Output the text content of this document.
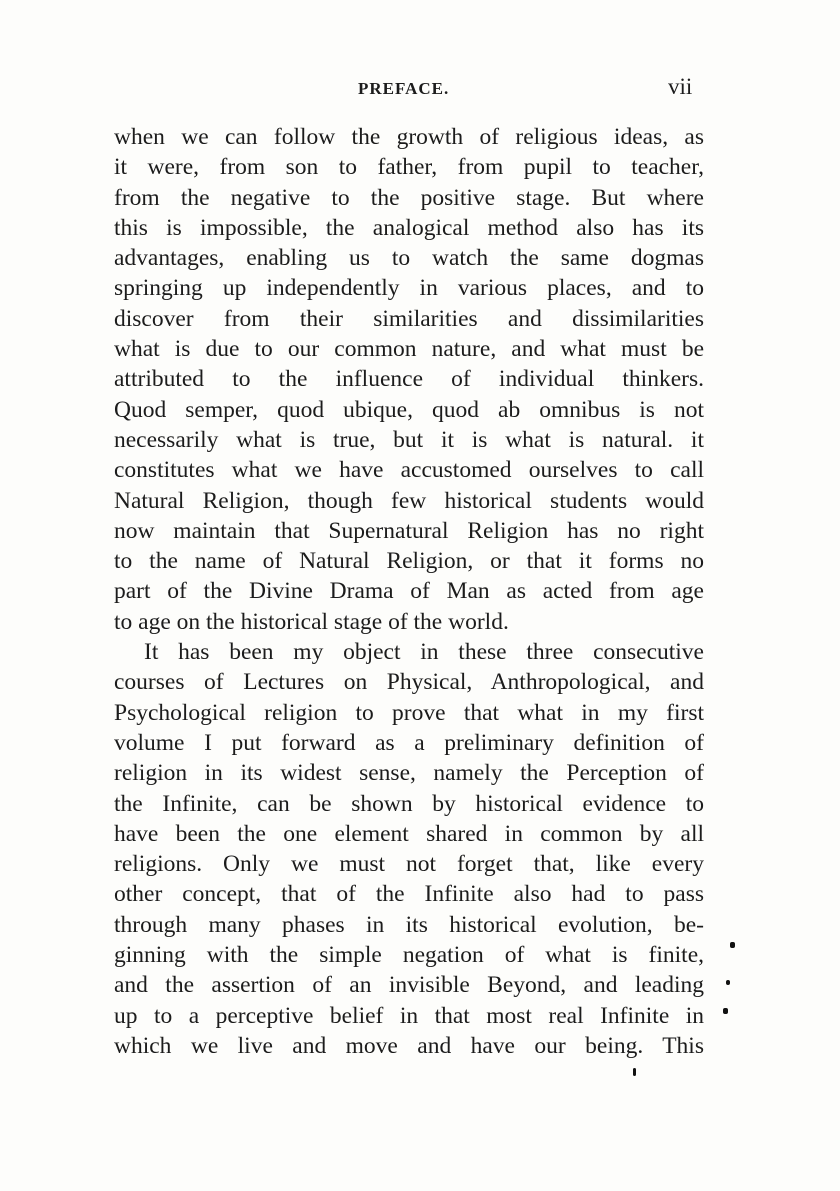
PREFACE.	vii
when we can follow the growth of religious ideas, as
it were, from son to father, from pupil to teacher,
from the negative to the positive stage. But where
this is impossible, the analogical method also has its
advantages, enabling us to watch the same dogmas
springing up independently in various places, and to
discover from their similarities and dissimilarities
what is due to our common nature, and what must be
attributed to the influence of individual thinkers.
Quod semper, quod ubique, quod ab omnibus is not
necessarily what is true, but it is what is natural. it
constitutes what we have accustomed ourselves to call
Natural Religion, though few historical students would
now maintain that Supernatural Religion has no right
to the name of Natural Religion, or that it forms no
part of the Divine Drama of Man as acted from age
to age on the historical stage of the world.
It has been my object in these three consecutive
courses of Lectures on Physical, Anthropological, and
Psychological religion to prove that what in my first
volume I put forward as a preliminary definition of
religion in its widest sense, namely the Perception of
the Infinite, can be shown by historical evidence to
have been the one element shared in common by all
religions. Only we must not forget that, like every
other concept, that of the Infinite also had to pass
through many phases in its historical evolution, be-
ginning with the simple negation of what is finite,
and the assertion of an invisible Beyond, and leading
up to a perceptive belief in that most real Infinite in
which we live and move and have our being. This
